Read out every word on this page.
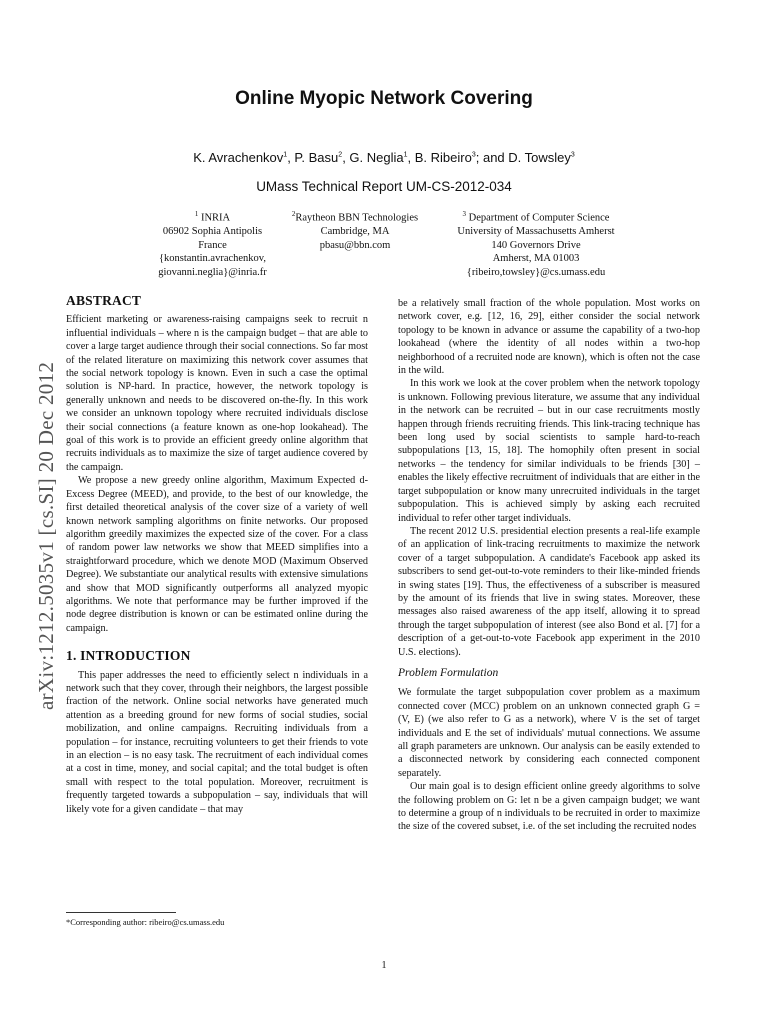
Online Myopic Network Covering
K. Avrachenkov$^1$, P. Basu$^2$, G. Neglia$^1$, B. Ribeiro$^3$; and D. Towsley$^3$
UMass Technical Report UM-CS-2012-034
$^1$ INRIA
06902 Sophia Antipolis
France
{konstantin.avrachenkov,
giovanni.neglia}@inria.fr
$^2$Raytheon BBN Technologies
Cambridge, MA
pbasu@bbn.com
$^3$ Department of Computer Science
University of Massachusetts Amherst
140 Governors Drive
Amherst, MA 01003
{ribeiro,towsley}@cs.umass.edu
arXiv:1212.5035v1 [cs.SI] 20 Dec 2012
ABSTRACT

Efficient marketing or awareness-raising campaigns seek to recruit n influential individuals – where n is the campaign budget – that are able to cover a large target audience through their social connections. So far most of the related literature on maximizing this network cover assumes that the social network topology is known. Even in such a case the optimal solution is NP-hard. In practice, however, the network topology is generally unknown and needs to be discovered on-the-fly. In this work we consider an unknown topology where recruited individuals disclose their social connections (a feature known as one-hop lookahead). The goal of this work is to provide an efficient greedy online algorithm that recruits individuals as to maximize the size of target audience covered by the campaign.

We propose a new greedy online algorithm, Maximum Expected d-Excess Degree (MEED), and provide, to the best of our knowledge, the first detailed theoretical analysis of the cover size of a variety of well known network sampling algorithms on finite networks. Our proposed algorithm greedily maximizes the expected size of the cover. For a class of random power law networks we show that MEED simplifies into a straightforward procedure, which we denote MOD (Maximum Observed Degree). We substantiate our analytical results with extensive simulations and show that MOD significantly outperforms all analyzed myopic algorithms. We note that performance may be further improved if the node degree distribution is known or can be estimated online during the campaign.

1. INTRODUCTION

This paper addresses the need to efficiently select n individuals in a network such that they cover, through their neighbors, the largest possible fraction of the network. Online social networks have generated much attention as a breeding ground for new forms of social studies, social mobilization, and online campaigns. Recruiting individuals from a population – for instance, recruiting volunteers to get their friends to vote in an election – is no easy task. The recruitment of each individual comes at a cost in time, money, and social capital; and the total budget is often small with respect to the total population. Moreover, recruitment is frequently targeted towards a subpopulation – say, individuals that will likely vote for a given candidate – that may

be a relatively small fraction of the whole population. Most works on network cover, e.g. [12, 16, 29], either consider the social network topology to be known in advance or assume the capability of a two-hop lookahead (where the identity of all nodes within a two-hop neighborhood of a recruited node are known), which is often not the case in the wild.

In this work we look at the cover problem when the network topology is unknown. Following previous literature, we assume that any individual in the network can be recruited – but in our case recruitments mostly happen through friends recruiting friends. This link-tracing technique has been long used by social scientists to sample hard-to-reach subpopulations [13, 15, 18]. The homophily often present in social networks – the tendency for similar individuals to be friends [30] – enables the likely effective recruitment of individuals that are either in the target subpopulation or know many unrecruited individuals in the target subpopulation. This is achieved simply by asking each recruited individual to refer other target individuals.

The recent 2012 U.S. presidential election presents a real-life example of an application of link-tracing recruitments to maximize the network cover of a target subpopulation. A candidate's Facebook app asked its subscribers to send get-out-to-vote reminders to their like-minded friends in swing states [19]. Thus, the effectiveness of a subscriber is measured by the amount of its friends that live in swing states. Moreover, these messages also raised awareness of the app itself, allowing it to spread through the target subpopulation of interest (see also Bond et al. [7] for a description of a get-out-to-vote Facebook app experiment in the 2010 U.S. elections).

Problem Formulation

We formulate the target subpopulation cover problem as a maximum connected cover (MCC) problem on an unknown connected graph G = (V, E) (we also refer to G as a network), where V is the set of target individuals and E the set of individuals' mutual connections. We assume all graph parameters are unknown. Our analysis can be easily extended to a disconnected network by considering each connected component separately.

Our main goal is to design efficient online greedy algorithms to solve the following problem on G: let n be a given campaign budget; we want to determine a group of n individuals to be recruited in order to maximize the size of the covered subset, i.e. of the set including the recruited nodes

*Corresponding author: ribeiro@cs.umass.edu
1
